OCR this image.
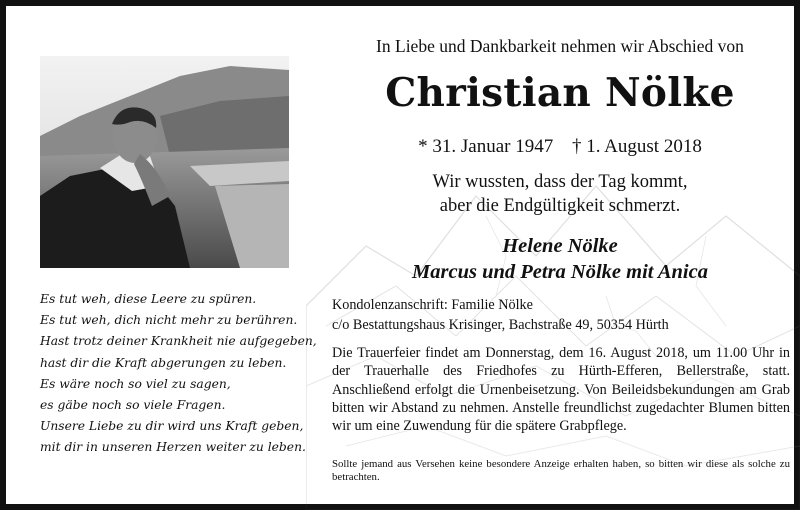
Es tut weh, diese Leere zu spüren.
Es tut weh, dich nicht mehr zu berühren.
Hast trotz deiner Krankheit nie aufgegeben,
hast dir die Kraft abgerungen zu leben.
Es wäre noch so viel zu sagen,
es gäbe noch so viele Fragen.
Unsere Liebe zu dir wird uns Kraft geben,
mit dir in unseren Herzen weiter zu leben.
In Liebe und Dankbarkeit nehmen wir Abschied von
Christian Nölke
* 31. Januar 1947 † 1. August 2018
Wir wussten, dass der Tag kommt,
aber die Endgültigkeit schmerzt.
Helene Nölke
Marcus und Petra Nölke mit Anica
Kondolenzanschrift: Familie Nölke
c/o Bestattungshaus Krisinger, Bachstraße 49, 50354 Hürth
Die Trauerfeier findet am Donnerstag, dem 16. August 2018, um 11.00 Uhr in der Trauerhalle des Friedhofes zu Hürth-Efferen, Bellerstraße, statt. Anschließend erfolgt die Urnenbeisetzung. Von Beileidsbekundungen am Grab bitten wir Abstand zu nehmen. Anstelle freundlichst zugedachter Blumen bitten wir um eine Zuwendung für die spätere Grabpflege.
Sollte jemand aus Versehen keine besondere Anzeige erhalten haben, so bitten wir diese als solche zu betrachten.
